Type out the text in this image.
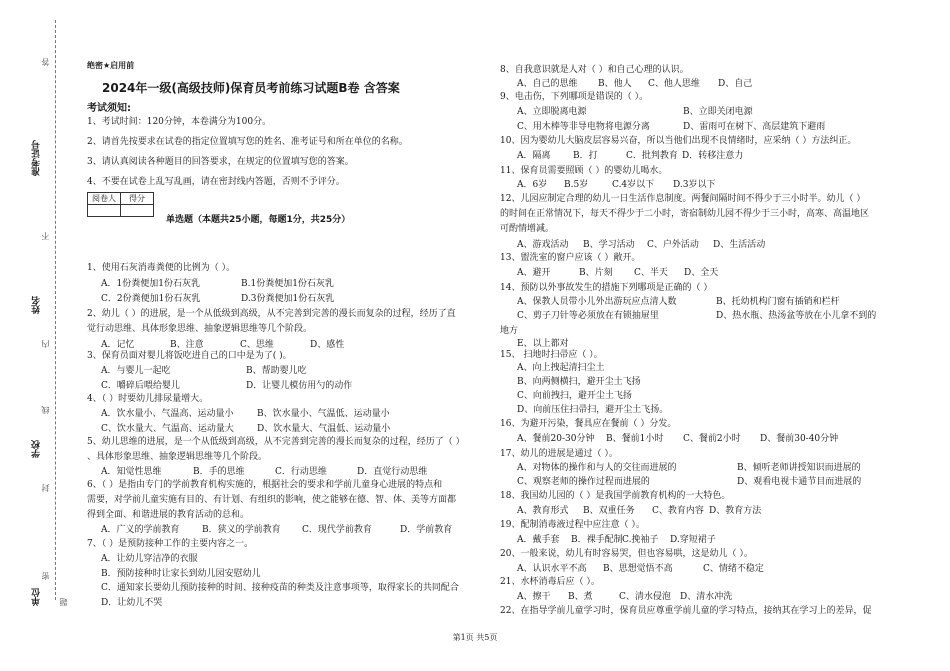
准考证号
姓名
学校
单位
答
不
内
线
封
密
题
绝密★启用前
2024年一级(高级技师)保育员考前练习试题B卷 含答案
考试须知:
1、考试时间：120分钟，本卷满分为100分。
2、请首先按要求在试卷的指定位置填写您的姓名、准考证号和所在单位的名称。
3、请认真阅读各种题目的回答要求，在规定的位置填写您的答案。
4、不要在试卷上乱写乱画，请在密封线内答题，否则不予评分。
阅卷人	得分

单选题（本题共25小题，每题1分，共25分）
1、使用石灰消毒粪便的比例为（ ）。
A．1份粪便加1份石灰乳	B.1份粪便加1份石灰乳
C．2份粪便加1份石灰乳	D.3份粪便加1份石灰乳
2、幼儿（ ）的进展，是一个从低级到高级，从不完善到完善的漫长而复杂的过程，经历了直
觉行动思维、具体形象思维、抽象逻辑思维等几个阶段。
A．记忆	B、注意	C、思维	D、感性
3、保育员面对婴儿将饭吃进自己的口中是为了( )。
A．与婴儿一起吃	B、帮助婴儿吃
C．嚼碎后喂给婴儿	D．让婴儿模仿用勺的动作
4、（ ）时要幼儿排尿量增大。
A．饮水量小、气温高、运动量小	B、饮水量小、气温低、运动量小
C、饮水量大、气温高、运动量大	D、饮水量大、气温低、运动量小
5、幼儿思维的进展，是一个从低级到高级，从不完善到完善的漫长而复杂的过程，经历了（ ）
、具体形象思维、抽象逻辑思维等几个阶段。
A．知觉性思维	B．手的思维	C．行动思维	D．直觉行动思维
6、（ ）是指由专门的学前教育机构实施的，根据社会的要求和学前儿童身心进展的特点和
需要，对学前儿童实施有目的、有计划、有组织的影响，使之能够在德、智、体、美等方面都
得到全面、和谐进展的教育活动的总和。
A．广义的学前教育	B．狭义的学前教育 C．现代学前教育	D．学前教育
7、（ ）是预防接种工作的主要内容之一。
A．让幼儿穿洁净的衣服
B．预防接种时让家长到幼儿园安慰幼儿
C．通知家长要幼儿预防接种的时间、接种疫苗的种类及注意事项等，取得家长的共同配合
D．让幼儿不哭
8、自我意识就是人对（ ）和自己心理的认识。
A、自己的思维 B、他人 C、他人思维 D、自己
9、电击伤，下列哪项是错误的（ ）。
A、立即脱离电源	B、立即关闭电源
C、用木棒等非导电物将电源分离	D、雷雨可在树下、高层建筑下避雨
10、因为婴幼儿大脑皮层容易兴奋，所以当他们出现不良情绪时，应采纳（ ）方法纠正。
A．隔离	B．打	C．批判教育 D．转移注意力
11、保育员需要照顾（ ）的婴幼儿喝水。
A．6岁 B.5岁	C.4岁以下 D.3岁以下
12、儿园应制定合理的幼儿一日生活作息制度。两餐间隔时间不得少于三小时半。幼儿（ ）
的时间在正常情况下，每天不得少于二小时，寄宿制幼儿园不得少于三小时，高寒、高温地区
可酌情增减。
A、游戏活动 B、学习活动 C、户外活动 D、生活活动
13、盥洗室的窗户应该（ ）敞开。
A、避开	B、片刻 C、半天 D、全天
14、预防以外事故发生的措施下列哪项是正确的（ ）
A、保教人员带小儿外出游玩应点清人数	B、托幼机构门窗有插销和栏杆
C、剪子刀针等必须放在有锁抽屉里	D、热水瓶、热汤盆等放在小儿拿不到的
地方
E、以上都对
15、 扫地时扫帚应（ ）。
A、向上拽起清扫尘土
B、向两侧横扫，避开尘土飞扬
C、向前拽扫，避开尘土飞扬
D、向前压住扫帚扫，避开尘土飞扬。
16、为避开污染，餐具应在餐前（ ）分发。
A、餐前20-30分钟 B、餐前1小时 C、餐前2小时 D、餐前30-40分钟
17、幼儿的进展是通过（ ）。
A、对物体的操作和与人的交往而进展的	B、倾听老师讲授知识而进展的
C、观察老师的操作过程而进展的	D、观看电视卡通节目而进展的
18、我国幼儿园的（ ）是我国学前教育机构的一大特色。
A、教育形式 B、双重任务 C、教育内容 D、教育方法
19、配制消毒液过程中应注意（ ）。
A．戴手套 B．裸手配制 C.挽袖子 D.穿短裙子
20、一般来说，幼儿有时容易哭，但也容易哄，这是幼儿（ ）。
A、认识水平不高 B、思想觉悟不高	C、情绪不稳定
21、水杯消毒后应（ ）。
A、擦干 B、煮	C、清水侵泡 D、清水冲洗
22、在指导学前儿童学习时，保育员应尊重学前儿童的学习特点，接纳其在学习上的差异，促
第1页 共5页
